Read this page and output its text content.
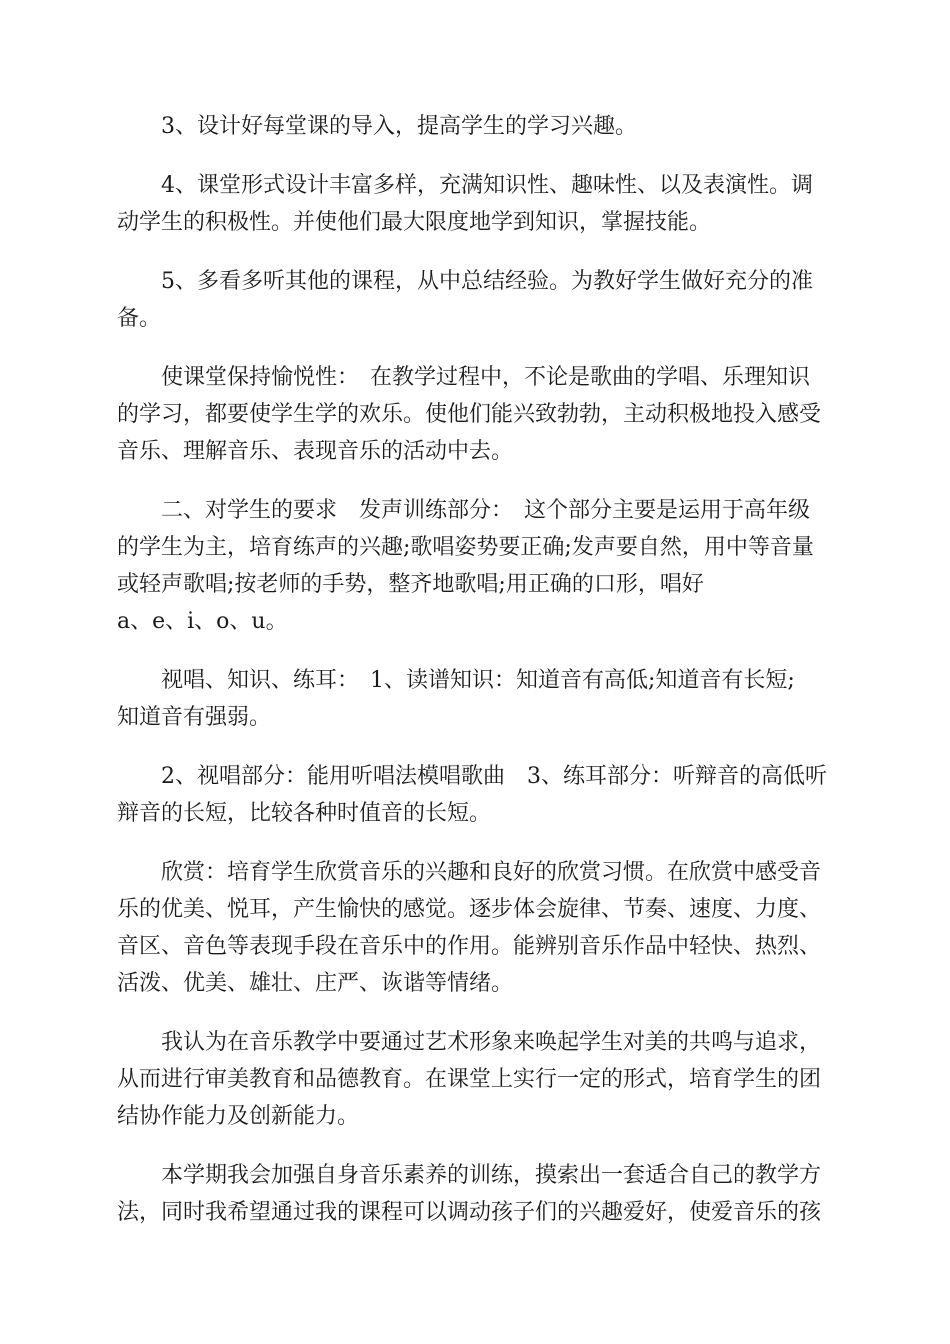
3、设计好每堂课的导入，提高学生的学习兴趣。

4、课堂形式设计丰富多样，充满知识性、趣味性、以及表演性。调
动学生的积极性。并使他们最大限度地学到知识，掌握技能。

5、多看多听其他的课程，从中总结经验。为教好学生做好充分的准
备。

使课堂保持愉悦性：　在教学过程中，不论是歌曲的学唱、乐理知识
的学习，都要使学生学的欢乐。使他们能兴致勃勃，主动积极地投入感受
音乐、理解音乐、表现音乐的活动中去。

二、对学生的要求　发声训练部分：　这个部分主要是运用于高年级
的学生为主，培育练声的兴趣;歌唱姿势要正确;发声要自然，用中等音量
或轻声歌唱;按老师的手势，整齐地歌唱;用正确的口形，唱好
a、e、i、o、u。

视唱、知识、练耳：　1、读谱知识：知道音有高低;知道音有长短;
知道音有强弱。

2、视唱部分：能用听唱法模唱歌曲　3、练耳部分：听辩音的高低听
辩音的长短，比较各种时值音的长短。

欣赏：培育学生欣赏音乐的兴趣和良好的欣赏习惯。在欣赏中感受音
乐的优美、悦耳，产生愉快的感觉。逐步体会旋律、节奏、速度、力度、
音区、音色等表现手段在音乐中的作用。能辨别音乐作品中轻快、热烈、
活泼、优美、雄壮、庄严、诙谐等情绪。

我认为在音乐教学中要通过艺术形象来唤起学生对美的共鸣与追求，
从而进行审美教育和品德教育。在课堂上实行一定的形式，培育学生的团
结协作能力及创新能力。

本学期我会加强自身音乐素养的训练，摸索出一套适合自己的教学方
法，同时我希望通过我的课程可以调动孩子们的兴趣爱好，使爱音乐的孩
